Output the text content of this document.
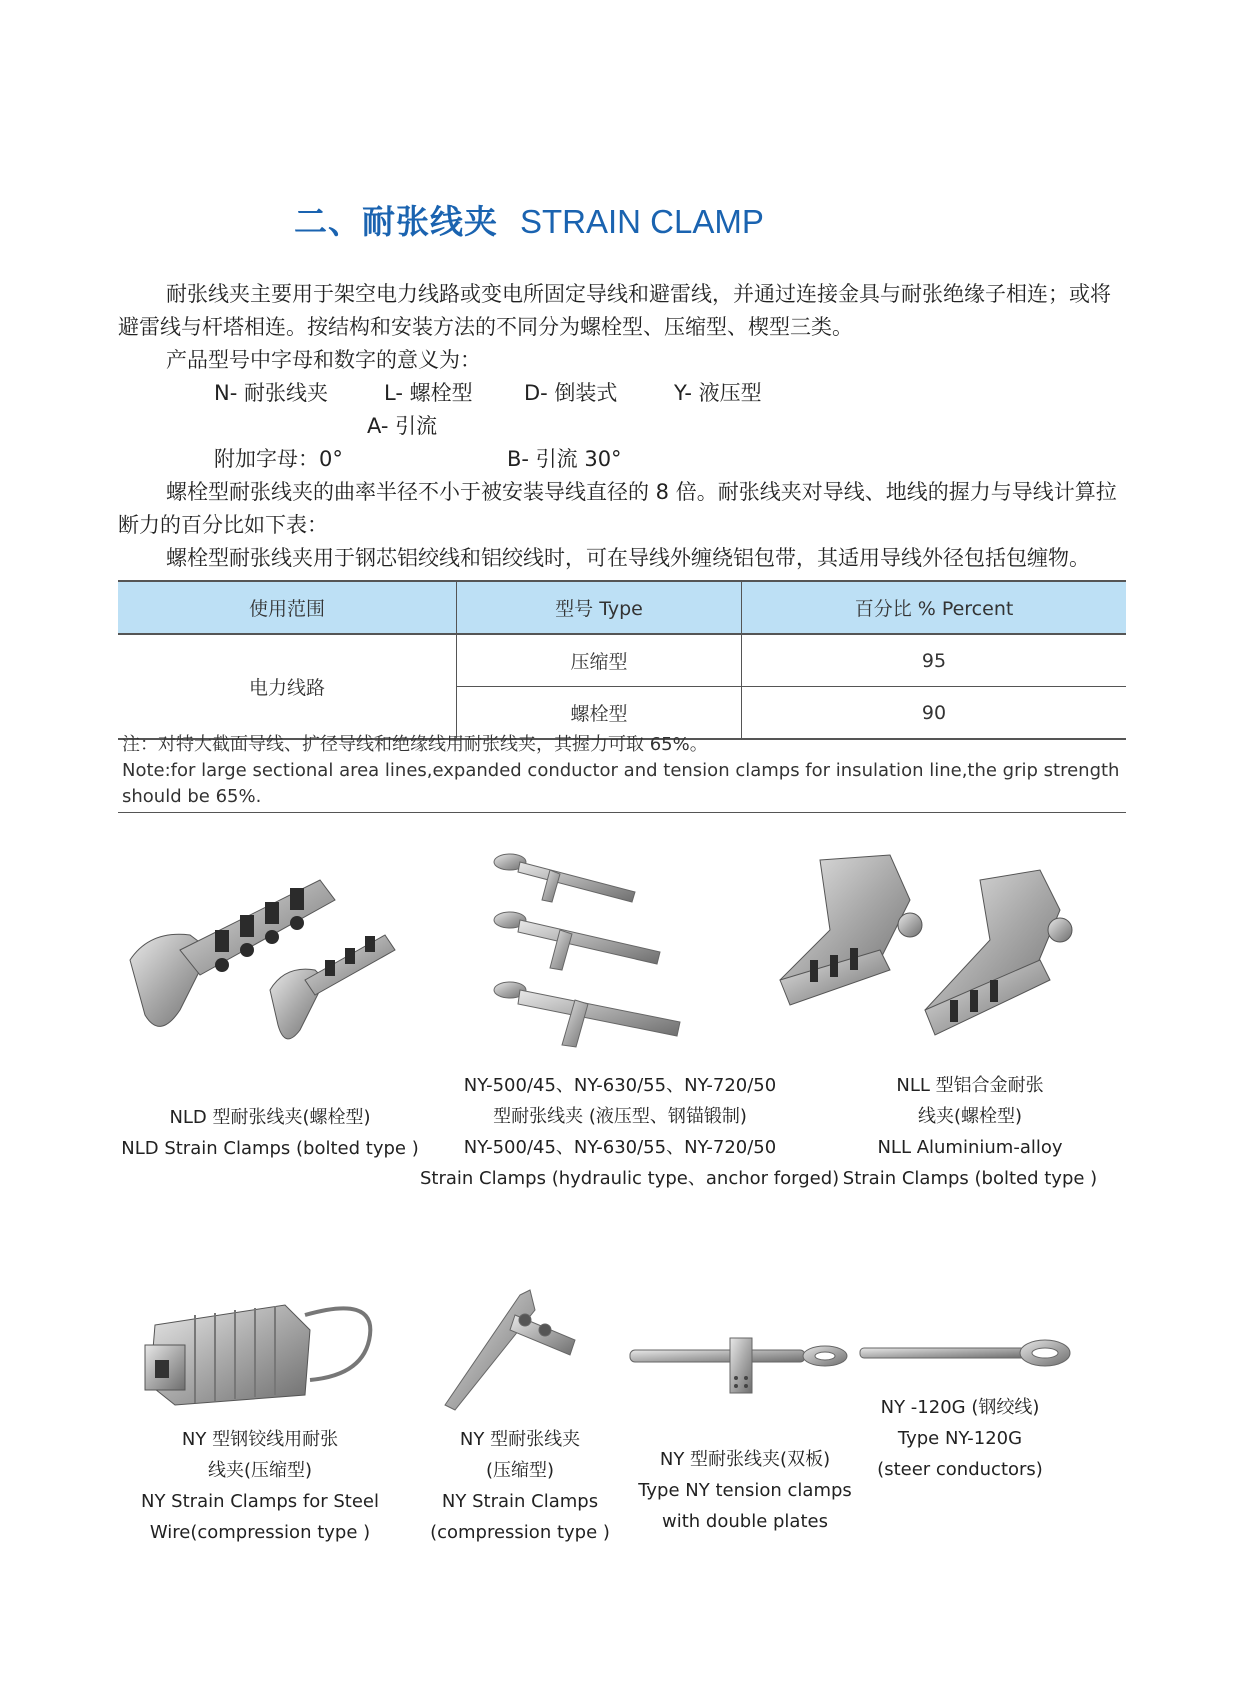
二、耐张线夹 STRAIN CLAMP

耐张线夹主要用于架空电力线路或变电所固定导线和避雷线，并通过连接金具与耐张绝缘子相连；或将避雷线与杆塔相连。按结构和安装方法的不同分为螺栓型、压缩型、楔型三类。

产品型号中字母和数字的意义为：

N- 耐张线夹	L- 螺栓型 D- 倒装式	Y- 液压型

附加字母：A- 引流 0°	B- 引流 30°

螺栓型耐张线夹的曲率半径不小于被安装导线直径的 8 倍。耐张线夹对导线、地线的握力与导线计算拉断力的百分比如下表：

螺栓型耐张线夹用于钢芯铝绞线和铝绞线时，可在导线外缠绕铝包带，其适用导线外径包括包缠物。

使用范围	型号 Type	百分比 % Percent
电力线路	压缩型	95
	螺栓型	90

注：对特大截面导线、扩径导线和绝缘线用耐张线夹，其握力可取 65%。

Note:for large sectional area lines,expanded conductor and tension clamps for insulation line,the grip strength should be 65%.

NLD 型耐张线夹(螺栓型)

NLD Strain Clamps (bolted type )

NY-500/45、NY-630/55、NY-720/50

型耐张线夹 (液压型、钢锚锻制)

NY-500/45、NY-630/55、NY-720/50

Strain Clamps (hydraulic type、anchor forged)

NLL 型铝合金耐张

线夹(螺栓型)

NLL Aluminium-alloy

Strain Clamps (bolted type )

NY 型钢铰线用耐张

线夹(压缩型)

NY Strain Clamps for Steel

Wire(compression type )

NY 型耐张线夹

(压缩型)

NY Strain Clamps

(compression type )

NY 型耐张线夹(双板)

Type NY tension clamps

with double plates

NY -120G (钢绞线)

Type NY-120G

(steer conductors)
